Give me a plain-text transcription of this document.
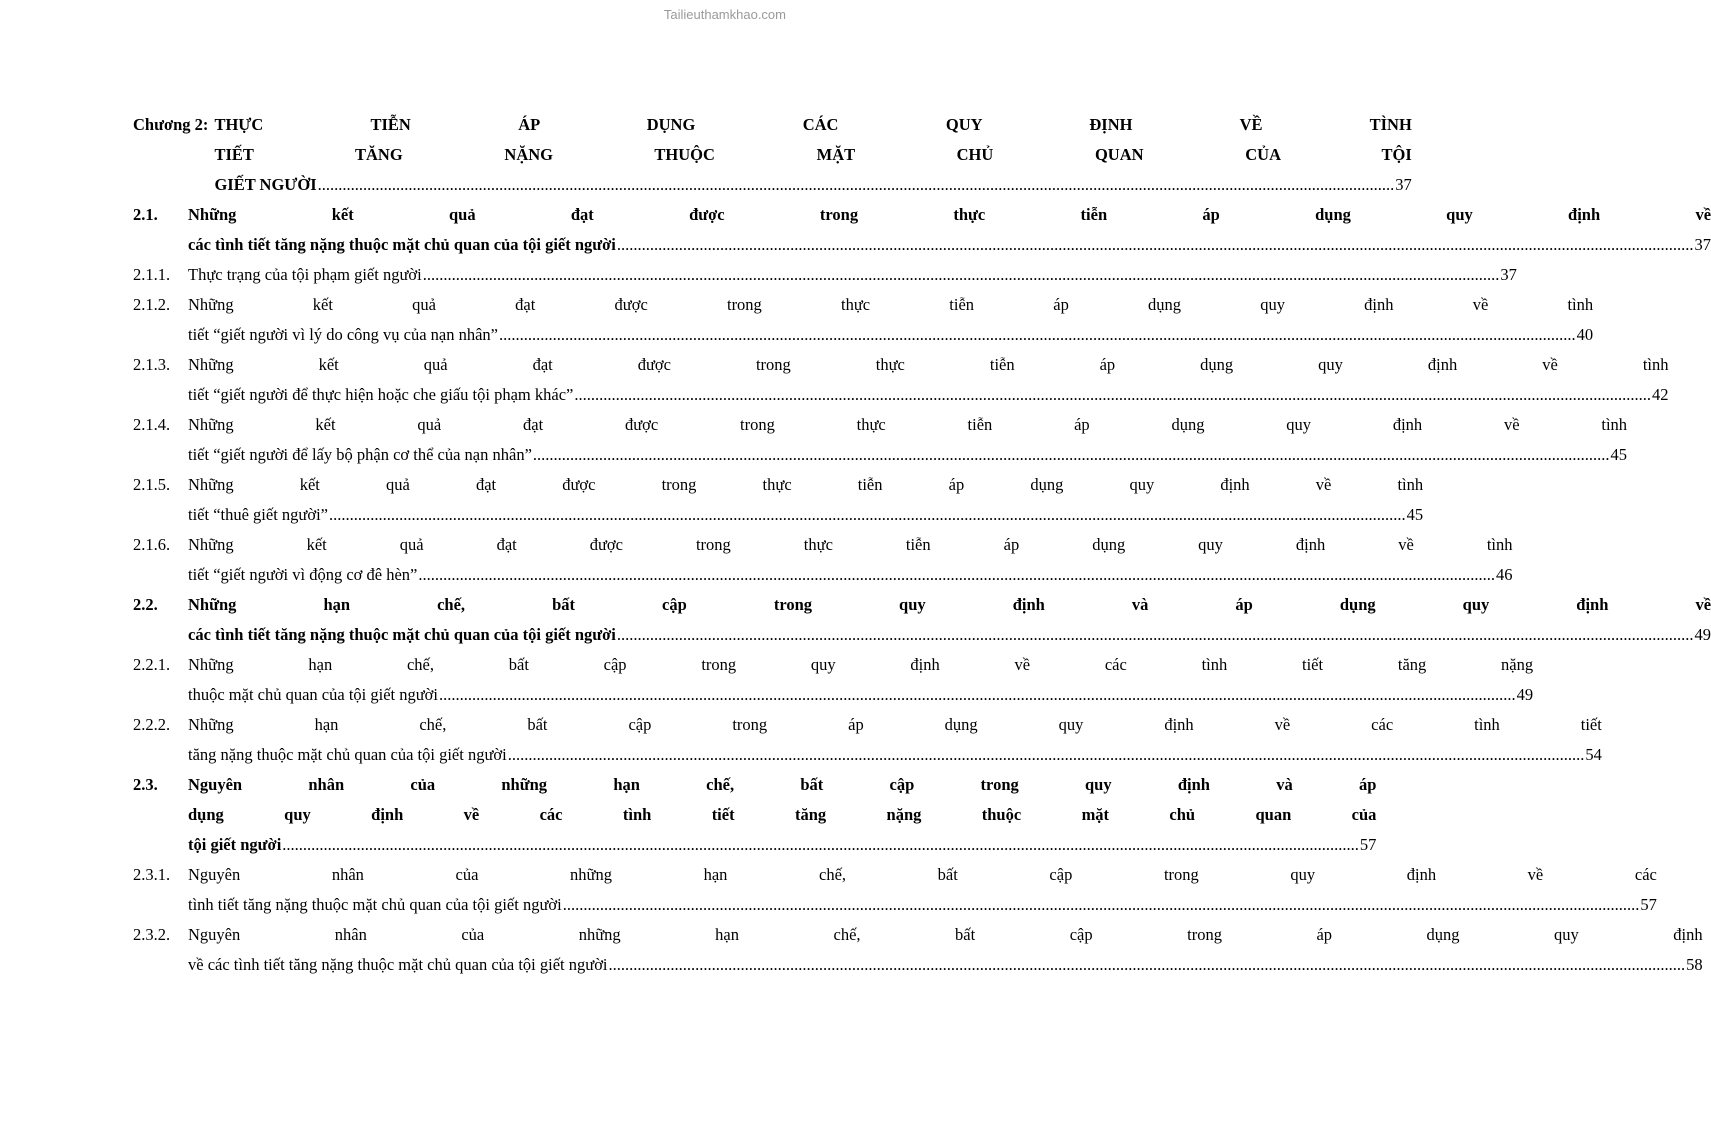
Tailieuthamkhao.com
Chương 2: THỰC TIỄN ÁP DỤNG CÁC QUY ĐỊNH VỀ TÌNH
TIẾT TĂNG NẶNG THUỘC MẶT CHỦ QUAN CỦA TỘI
GIẾT NGƯỜI .....	37
2.1.	Những kết quả đạt được trong thực tiễn áp dụng quy định về
các tình tiết tăng nặng thuộc mặt chủ quan của tội giết người .....	37
2.1.1.	Thực trạng của tội phạm giết người .....	37
2.1.2.	Những kết quả đạt được trong thực tiễn áp dụng quy định về tình
tiết “giết người vì lý do công vụ của nạn nhân” .....	40
2.1.3.	Những kết quả đạt được trong thực tiễn áp dụng quy định về tình
tiết “giết người để thực hiện hoặc che giấu tội phạm khác” .....	42
2.1.4.	Những kết quả đạt được trong thực tiễn áp dụng quy định về tình
tiết “giết người để lấy bộ phận cơ thể của nạn nhân” .....	45
2.1.5.	Những kết quả đạt được trong thực tiễn áp dụng quy định về tình
tiết “thuê giết người” .....	45
2.1.6.	Những kết quả đạt được trong thực tiễn áp dụng quy định về tình
tiết “giết người vì động cơ đê hèn” .....	46
2.2.	Những hạn chế, bất cập trong quy định và áp dụng quy định về
các tình tiết tăng nặng thuộc mặt chủ quan của tội giết người .....	49
2.2.1.	Những hạn chế, bất cập trong quy định về các tình tiết tăng nặng
thuộc mặt chủ quan của tội giết người .....	49
2.2.2.	Những hạn chế, bất cập trong áp dụng quy định về các tình tiết
tăng nặng thuộc mặt chủ quan của tội giết người .....	54
2.3.	Nguyên nhân của những hạn chế, bất cập trong quy định và áp
dụng quy định về các tình tiết tăng nặng thuộc mặt chủ quan của
tội giết người .....	57
2.3.1.	Nguyên nhân của những hạn chế, bất cập trong quy định về các
tình tiết tăng nặng thuộc mặt chủ quan của tội giết người .....	57
2.3.2.	Nguyên nhân của những hạn chế, bất cập trong áp dụng quy định
về các tình tiết tăng nặng thuộc mặt chủ quan của tội giết người .....	58
